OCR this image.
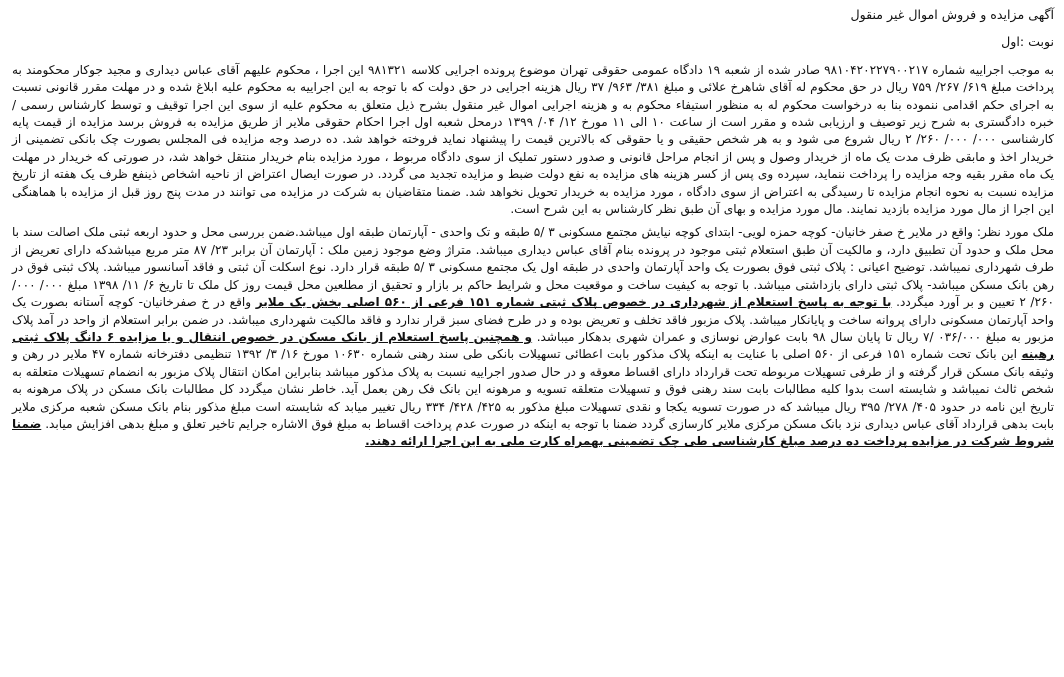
آگهی مزایده و فروش اموال غیر منقول
نوبت :اول

به موجب اجراییه شماره ۹۸۱۰۴۲۰۲۲۷۹۰۰۲۱۷ صادر شده از شعبه ۱۹ دادگاه عمومی حقوقی تهران موضوع پرونده اجرایی کلاسه ۹۸۱۳۲۱ این اجرا ، محکوم علیهم آقای عباس دیداری و مجید جوکار محکومند به پرداخت مبلغ ۶۱۹/ ۲۶۷/ ۷۵۹ ریال در حق محکوم له آقای شاهرخ علائی و مبلغ ۳۸۱/ ۹۶۳/ ۳۷ ریال هزینه اجرایی در حق دولت که با توجه به این اجراییه به محکوم علیه ابلاغ شده و در مهلت مقرر قانونی نسبت به اجرای حکم اقدامی ننموده بنا به درخواست محکوم له به منظور استیفاء محکوم به و هزینه اجرایی اموال غیر منقول بشرح ذیل متعلق به محکوم علیه از سوی این اجرا توقیف و توسط کارشناس رسمی / خبره دادگستری به شرح زیر توصیف و ارزیابی شده و مقرر است از ساعت ۱۰ الی ۱۱ مورخ ۱۲/ ۰۴/ ۱۳۹۹ درمحل شعبه اول اجرا احکام حقوقی ملایر از طریق مزایده به فروش برسد مزایده از قیمت پایه کارشناسی ۰۰۰/ ۰۰۰/ ۲۶۰/ ۲ ریال شروع می شود و به هر شخص حقیقی و یا حقوقی که بالاترین قیمت را پیشنهاد نماید فروخته خواهد شد. ده درصد وجه مزایده فی المجلس بصورت چک بانکی تضمینی از خریدار اخذ و مابقی ظرف مدت یک ماه از خریدار وصول و پس از انجام مراحل قانونی و صدور دستور تملیک از سوی دادگاه مربوط ، مورد مزایده بنام خریدار منتقل خواهد شد، در صورتی که خریدار در مهلت یک ماه مقرر بقیه وجه مزایده را پرداخت ننماید، سپرده وی پس از کسر هزینه های مزایده به نفع دولت ضبط و مزایده تجدید می گردد. در صورت ایصال اعتراض از ناحیه اشخاص ذینفع ظرف یک هفته از تاریخ مزایده نسبت به نحوه انجام مزایده تا رسیدگی به اعتراض از سوی دادگاه ، مورد مزایده به خریدار تحویل نخواهد شد. ضمنا متقاضیان به شرکت در مزایده می توانند در مدت پنج روز قبل از مزایده با هماهنگی این اجرا از مال مورد مزایده بازدید نمایند. مال مورد مزایده و بهای آن طبق نظر کارشناس به این شرح است.

ملک مورد نظر: واقع در ملایر خ صفر خانیان- کوچه حمزه لویی- ابتدای کوچه نیایش مجتمع مسکونی ۳ /۵ طبقه و تک واحدی - آپارتمان طبقه اول میباشد.ضمن بررسی محل و حدود اربعه ثبتی ملک اصالت سند با محل ملک و حدود آن تطبیق دارد، و مالکیت آن طبق استعلام ثبتی موجود در پرونده بنام آقای عباس دیداری میباشد. متراژ وضع موجود زمین ملک : آپارتمان آن برابر ۲۳/ ۸۷ متر مربع میباشدکه دارای تعریض از طرف شهرداری نمیباشد. توضیح اعیانی : پلاک ثبتی فوق بصورت یک واحد آپارتمان واحدی در طبقه اول یک مجتمع مسکونی ۳ /۵ طبقه قرار دارد. نوع اسکلت آن ثبتی و فاقد آسانسور میباشد. پلاک ثبتی فوق در رهن بانک مسکن میباشد- پلاک ثبتی دارای بازداشتی میباشد. با توجه به کیفیت ساخت و موقعیت محل و شرایط حاکم بر بازار و تحقیق از مطلعین محل قیمت روز کل ملک تا تاریخ ۶/ ۱۱/ ۱۳۹۸ مبلغ ۰۰۰/ ۰۰۰/ ۲۶۰/ ۲ تعیین و بر آورد میگردد. با توجه به پاسخ استعلام از شهرداری در خصوص پلاک ثبتی شماره ۱۵۱ فرعی از ۵۶۰ اصلی بخش یک ملایر واقع در خ صفرخانیان- کوچه آستانه بصورت یک واحد آپارتمان مسکونی دارای پروانه ساخت و پایانکار میباشد. پلاک مزبور فاقد تخلف و تعریض بوده و در طرح فضای سبز قرار ندارد و فاقد مالکیت شهرداری میباشد. در ضمن برابر استعلام از واحد در آمد پلاک مزبور به مبلغ ۰۳۶/۰۰۰ /۷ ریال تا پایان سال ۹۸ بابت عوارض نوسازی و عمران شهری بدهکار میباشد. و همچنین پاسخ استعلام از بانک مسکن در خصوص انتقال و یا مزایده ۶ دانگ پلاک ثبتی رهینه این بانک تحت شماره ۱۵۱ فرعی از ۵۶۰ اصلی با عنایت به اینکه پلاک مذکور بابت اعطائی تسهیلات بانکی طی سند رهنی شماره ۱۰۶۳۰ مورخ ۱۶/ ۳/ ۱۳۹۲ تنظیمی دفترخانه شماره ۴۷ ملایر در رهن و وثیقه بانک مسکن قرار گرفته و از طرفی تسهیلات مربوطه تحت قرارداد دارای اقساط معوقه و در حال صدور اجراییه نسبت به پلاک مذکور میباشد بنابراین امکان انتقال پلاک مزبور به انضمام تسهیلات متعلقه به شخص ثالث نمیباشد و شایسته است بدوا کلیه مطالبات بابت سند رهنی فوق و تسهیلات متعلقه تسویه و مرهونه این بانک فک رهن بعمل آید. خاطر نشان میگردد کل مطالبات بانک مسکن در پلاک مرهونه به تاریخ این نامه در حدود ۴۰۵/ ۲۷۸/ ۳۹۵ ریال میباشد که در صورت تسویه یکجا و نقدی تسهیلات مبلغ مذکور به ۴۲۵/ ۴۲۸/ ۳۳۴ ریال تغییر میابد که شایسته است مبلغ مذکور بنام بانک مسکن شعبه مرکزی ملایر بابت بدهی قرارداد آقای عباس دیداری نزد بانک مسکن مرکزی ملایر کارسازی گردد ضمنا با توجه به اینکه در صورت عدم پرداخت اقساط به مبلغ فوق الاشاره جرایم تاخیر تعلق و مبلغ بدهی افزایش میابد. ضمنا شروط شرکت در مزایده پرداخت ده درصد مبلغ کارشناسی طی چک تضمینی بهمراه کارت ملی به این اجرا ارائه دهند.
